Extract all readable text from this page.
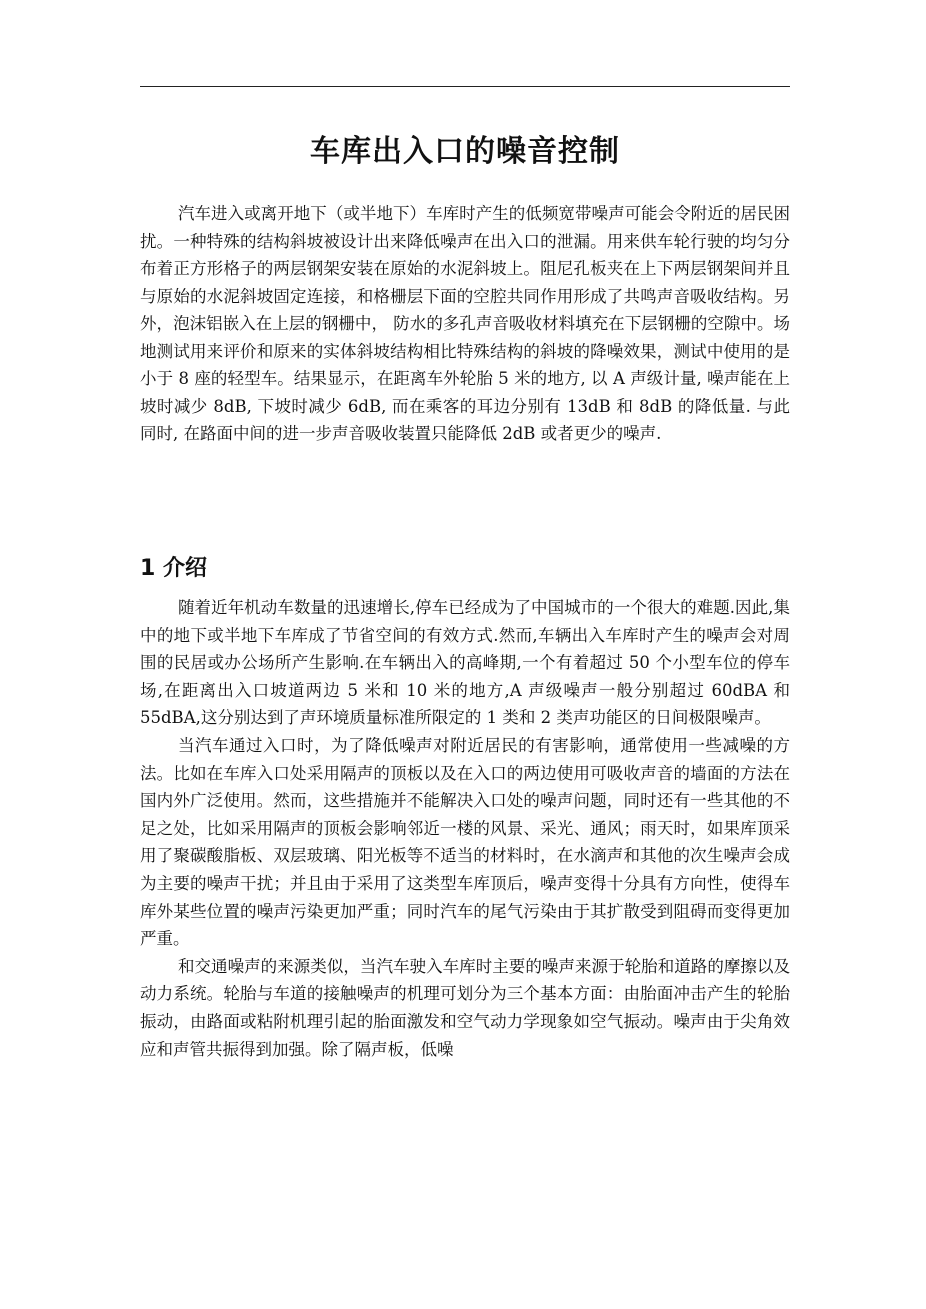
车库出入口的噪音控制

汽车进入或离开地下（或半地下）车库时产生的低频宽带噪声可能会令附近的居民困扰。一种特殊的结构斜坡被设计出来降低噪声在出入口的泄漏。用来供车轮行驶的均匀分布着正方形格子的两层钢架安装在原始的水泥斜坡上。阻尼孔板夹在上下两层钢架间并且与原始的水泥斜坡固定连接，和格栅层下面的空腔共同作用形成了共鸣声音吸收结构。另外，泡沫铝嵌入在上层的钢栅中， 防水的多孔声音吸收材料填充在下层钢栅的空隙中。场地测试用来评价和原来的实体斜坡结构相比特殊结构的斜坡的降噪效果，测试中使用的是小于 8 座的轻型车。结果显示，在距离车外轮胎 5 米的地方, 以 A 声级计量, 噪声能在上坡时减少 8dB, 下坡时减少 6dB, 而在乘客的耳边分别有 13dB 和 8dB 的降低量. 与此同时, 在路面中间的进一步声音吸收装置只能降低 2dB 或者更少的噪声.

1 介绍

随着近年机动车数量的迅速增长,停车已经成为了中国城市的一个很大的难题.因此,集中的地下或半地下车库成了节省空间的有效方式.然而,车辆出入车库时产生的噪声会对周围的民居或办公场所产生影响.在车辆出入的高峰期,一个有着超过 50 个小型车位的停车场,在距离出入口坡道两边 5 米和 10 米的地方,A 声级噪声一般分别超过 60dBA 和 55dBA,这分别达到了声环境质量标准所限定的 1 类和 2 类声功能区的日间极限噪声。

当汽车通过入口时，为了降低噪声对附近居民的有害影响，通常使用一些减噪的方法。比如在车库入口处采用隔声的顶板以及在入口的两边使用可吸收声音的墙面的方法在国内外广泛使用。然而，这些措施并不能解决入口处的噪声问题，同时还有一些其他的不足之处，比如采用隔声的顶板会影响邻近一楼的风景、采光、通风；雨天时，如果库顶采用了聚碳酸脂板、双层玻璃、阳光板等不适当的材料时，在水滴声和其他的次生噪声会成为主要的噪声干扰；并且由于采用了这类型车库顶后，噪声变得十分具有方向性，使得车库外某些位置的噪声污染更加严重；同时汽车的尾气污染由于其扩散受到阻碍而变得更加严重。

和交通噪声的来源类似，当汽车驶入车库时主要的噪声来源于轮胎和道路的摩擦以及动力系统。轮胎与车道的接触噪声的机理可划分为三个基本方面：由胎面冲击产生的轮胎振动，由路面或粘附机理引起的胎面激发和空气动力学现象如空气振动。噪声由于尖角效应和声管共振得到加强。除了隔声板，低噪
